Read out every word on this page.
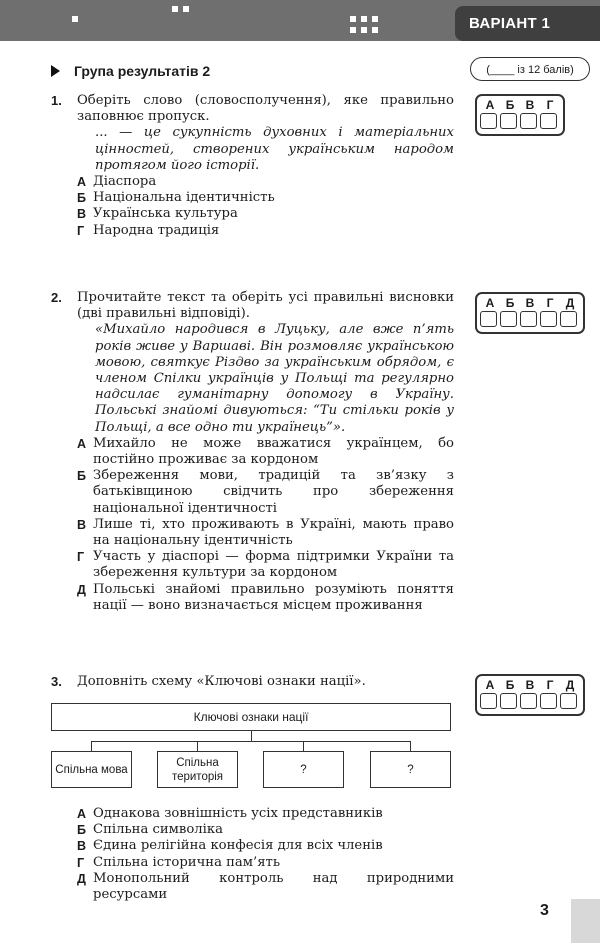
ВАРІАНТ 1
Група результатів 2	(____ із 12 балів)
1. Оберіть слово (словосполучення), яке правильно заповнює пропуск.
... — це сукупність духовних і матеріальних цінностей, створених українським народом протягом його історії.
А Діаспора
Б Національна ідентичність
В Українська культура
Г Народна традиція
А Б В	Г
2. Прочитайте текст та оберіть усі правильні висновки (дві правильні відповіді).
«Михайло народився в Луцьку, але вже п’ять років живе у Варшаві. Він розмовляє українською мовою, святкує Різдво за українським обрядом, є членом Спілки українців у Польщі та регулярно надсилає гуманітарну допомогу в Україну. Польські знайомі дивуються: “Ти стільки років у Польщі, а все одно ти українець”».
А Михайло не може вважатися українцем, бо постійно проживає за кордоном
Б Збереження мови, традицій та зв’язку з батьківщиною свідчить про збереження національної ідентичності
В Лише ті, хто проживають в Україні, мають право на національну ідентичність
Г Участь у діаспорі — форма підтримки України та збереження культури за кордоном
Д Польські знайомі правильно розуміють поняття нації — воно визначається місцем проживання
А Б В	Г	Д
3. Доповніть схему «Ключові ознаки нації».	А Б В	Г	Д
Ключові ознаки нації
Спільна мова
Спільна територія
?	?
А Однакова зовнішність усіх представників
Б Спільна символіка
В Єдина релігійна конфесія для всіх членів
Г Спільна історична пам’ять
Д Монопольний контроль над природними ресурсами
3
